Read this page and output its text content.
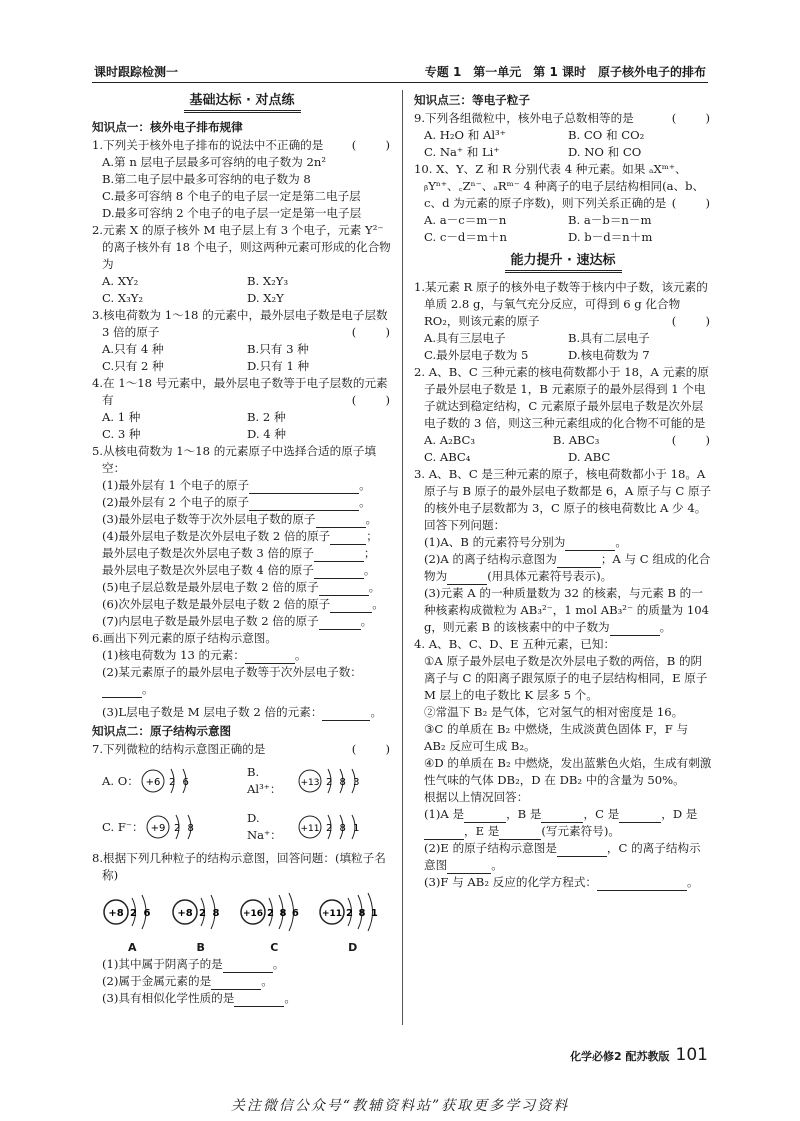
课时跟踪检测一	专题 1　第一单元　第 1 课时　原子核外电子的排布
基础达标 · 对点练
知识点一：核外电子排布规律

1.下列关于核外电子排布的说法中不正确的是 (　　)

A.第 n 层电子层最多可容纳的电子数为 2n²

B.第二电子层中最多可容纳的电子数为 8

C.最多可容纳 8 个电子的电子层一定是第二电子层

D.最多可容纳 2 个电子的电子层一定是第一电子层

2.元素 X 的原子核外 M 电子层上有 3 个电子，元素 Y²⁻的离子核外有 18 个电子，则这两种元素可形成的化合物为

A. XY₂	B. X₂Y₃
C. X₃Y₂	D. X₂Y

3.核电荷数为 1～18 的元素中，最外层电子数是电子层数 3 倍的原子	(　　)

A.只有 4 种	B.只有 3 种
C.只有 2 种	D.只有 1 种

4.在 1～18 号元素中，最外层电子数等于电子层数的元素有	(　　)

A. 1 种	B. 2 种
C. 3 种	D. 4 种

5.从核电荷数为 1～18 的元素原子中选择合适的原子填空：

(1)最外层有 1 个电子的原子	。

(2)最外层有 2 个电子的原子	。

(3)最外层电子数等于次外层电子数的原子	。

(4)最外层电子数是次外层电子数 2 倍的原子	；

最外层电子数是次外层电子数 3 倍的原子	；

最外层电子数是次外层电子数 4 倍的原子	。

(5)电子层总数是最外层电子数 2 倍的原子	。

(6)次外层电子数是最外层电子数 2 倍的原子	。

(7)内层电子数是最外层电子数 2 倍的原子	。

6.画出下列元素的原子结构示意图。

(1)核电荷数为 13 的元素：	。

(2)某元素原子的最外层电子数等于次外层电子数：

。

(3)L层电子数是 M 层电子数 2 倍的元素：	。

知识点二：原子结构示意图

7.下列微粒的结构示意图正确的是	(　　)

A. O： +6 2 6
B. Al³⁺：	+13 2 8 3
C. F⁻： +9 2 8
D. Na⁺：	+11 2 8 1

8.根据下列几种粒子的结构示意图，回答问题：(填粒子名称)

+8 2 6
A
+8 2 8
B
+16 2 8 6
C
+11 2 8 1
D

(1)其中属于阴离子的是	。

(2)属于金属元素的是	。

(3)具有相似化学性质的是	。

知识点三：等电子粒子

9.下列各组微粒中，核外电子总数相等的是	(　　)

A. H₂O 和 Al³⁺	B. CO 和 CO₂
C. Na⁺ 和 Li⁺	D. NO 和 CO

10. X、Y、Z 和 R 分别代表 4 种元素。如果 ₐXᵐ⁺、ᵦYⁿ⁺、꜀Zⁿ⁻、ₐRᵐ⁻ 4 种离子的电子层结构相同(a、b、c、d 为元素的原子序数)，则下列关系正确的是 (　　)

A. a－c＝m－n	B. a－b＝n－m
C. c－d＝m＋n	D. b－d＝n＋m
能力提升 · 速达标

1.某元素 R 原子的核外电子数等于核内中子数，该元素的单质 2.8 g，与氧气充分反应，可得到 6 g 化合物 RO₂，则该元素的原子	(　　)

A.具有三层电子	B.具有二层电子
C.最外层电子数为 5	D.核电荷数为 7

2. A、B、C 三种元素的核电荷数都小于 18，A 元素的原子最外层电子数是 1，B 元素原子的最外层得到 1 个电子就达到稳定结构，C 元素原子最外层电子数是次外层电子数的 3 倍，则这三种元素组成的化合物不可能的是
(　　)

A. A₂BC₃	B. ABC₃
C. ABC₄	D. ABC

3. A、B、C 是三种元素的原子，核电荷数都小于 18。A 原子与 B 原子的最外层电子数都是 6，A 原子与 C 原子的核外电子层数都为 3，C 原子的核电荷数比 A 少 4。回答下列问题：

(1)A、B 的元素符号分别为	。

(2)A 的离子结构示意图为	；A 与 C 组成的化合物为	(用具体元素符号表示)。

(3)元素 A 的一种质量数为 32 的核素，与元素 B 的一种核素构成微粒为 AB₃²⁻，1 mol AB₃²⁻ 的质量为 104 g，则元素 B 的该核素中的中子数为	。

4. A、B、C、D、E 五种元素，已知：

①A 原子最外层电子数是次外层电子数的两倍，B 的阴离子与 C 的阳离子跟氖原子的电子层结构相同，E 原子 M 层上的电子数比 K 层多 5 个。

②常温下 B₂ 是气体，它对氢气的相对密度是 16。

③C 的单质在 B₂ 中燃烧，生成淡黄色固体 F，F 与 AB₂ 反应可生成 B₂。

④D 的单质在 B₂ 中燃烧，发出蓝紫色火焰，生成有刺激性气味的气体 DB₂，D 在 DB₂ 中的含量为 50%。

根据以上情况回答：

(1)A 是	，B 是	，C 是	，D 是，E 是	(写元素符号)。

(2)E 的原子结构示意图是	，C 的离子结构示意图	。

(3)F 与 AB₂ 反应的化学方程式：	。

化学必修2 配苏教版 101
关注微信公众号“教辅资料站”获取更多学习资料
